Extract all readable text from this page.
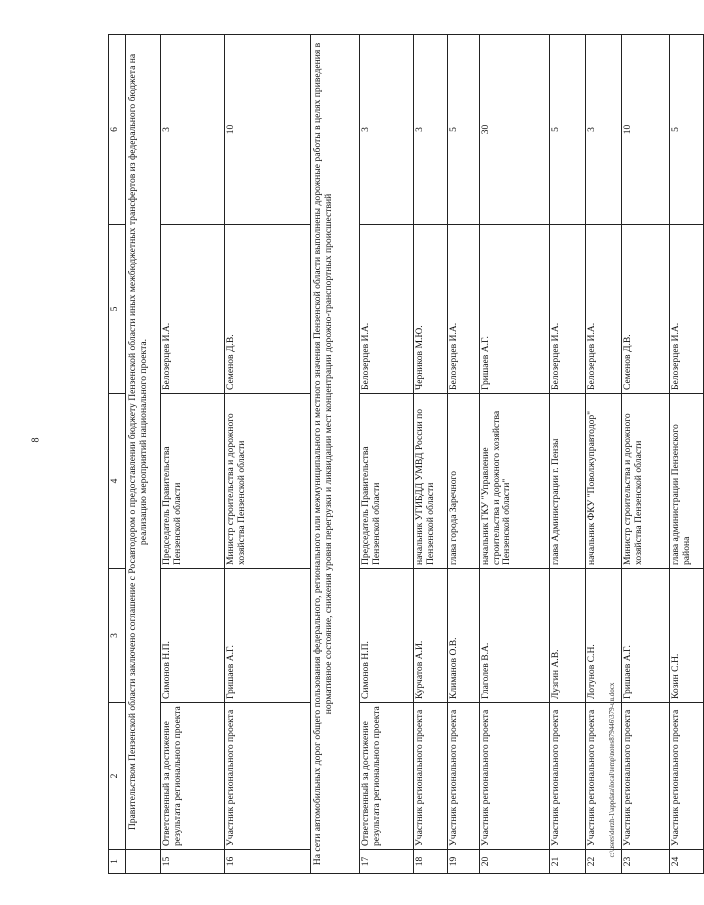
8
1	2	3	4	5	6
	Правительством Пензенской области заключено соглашение с Росавтодором о предоставлении бюджету Пензенской области иных межбюджетных трансфертов из федерального бюджета на реализацию мероприятий национального проекта.				
15	Ответственный за достижение результата регионального проекта	Симонов Н.П.	Председатель Правительства Пензенской области	Белозерцев И.А.	3
16	Участник регионального проекта	Гришаев А.Г.	Министр строительства и дорожного хозяйства Пензенской области	Семенов Д.В.	10
На сети автомобильных дорог общего пользования федерального, регионального или межмуниципального и местного значения Пензенской области выполнены дорожные работы в целях приведения в нормативное состояние, снижения уровня перегрузки и ликвидации мест концентрации дорожно-транспортных происшествий					
17	Ответственный за достижение результата регионального проекта	Симонов Н.П.	Председатель Правительства Пензенской области	Белозерцев И.А.	3
18	Участник регионального проекта	Курчатов А.И.	начальник УГИБДД УМВД России по Пензенской области	Черников М.Ю.	3
19	Участник регионального проекта	Климанов О.В.	глава города Заречного	Белозерцев И.А.	5
20	Участник регионального проекта	Глаголев В.А.	начальник ГКУ "Управление строительства и дорожного хозяйства Пензенской области"	Гришаев А.Г.	30
21	Участник регионального проекта	Лузгин А.В.	глава Администрации г. Пензы	Белозерцев И.А.	5
22	Участник регионального проекта	Лотунов С.Н.	начальник ФКУ "Поволжуправтодор"	Белозерцев И.А.	3
23	Участник регионального проекта	Гришаев А.Г.	Министр строительства и дорожного хозяйства Пензенской области	Семенов Д.В.	10
24	Участник регионального проекта	Козин С.Н.	глава администрации Пензенского района	Белозерцев И.А.	5
c:\users\derzh-1\appdata\local\temp\notes879446\379-uu.docx
